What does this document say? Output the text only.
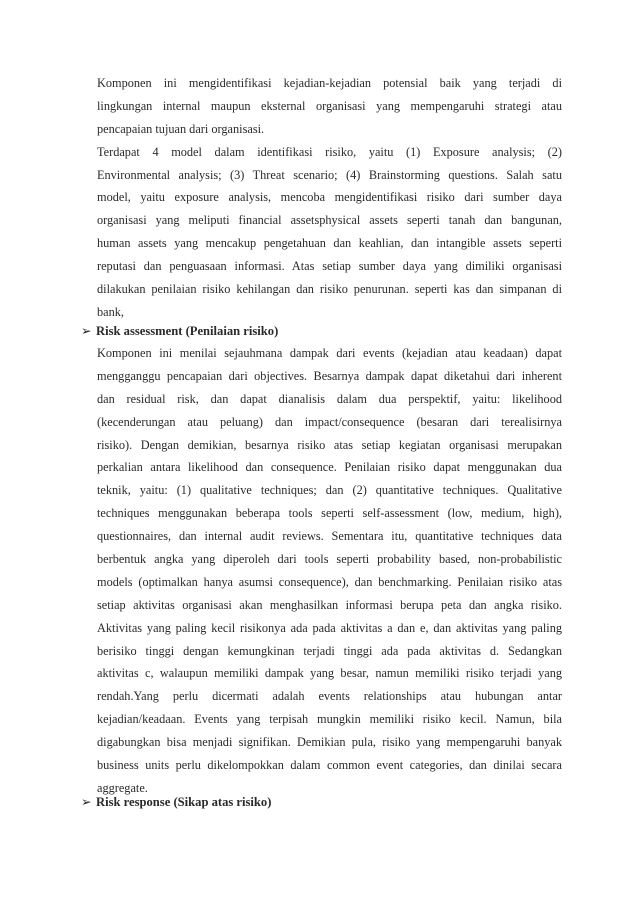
Komponen ini mengidentifikasi kejadian-kejadian potensial baik yang terjadi di
lingkungan internal maupun eksternal organisasi yang mempengaruhi strategi atau
pencapaian tujuan dari organisasi.
Terdapat 4 model dalam identifikasi risiko, yaitu (1) Exposure analysis; (2)
Environmental analysis; (3) Threat scenario; (4) Brainstorming questions. Salah satu
model, yaitu exposure analysis, mencoba mengidentifikasi risiko dari sumber daya
organisasi yang meliputi financial assetsphysical assets seperti tanah dan bangunan,
human assets yang mencakup pengetahuan dan keahlian, dan intangible assets seperti
reputasi dan penguasaan informasi. Atas setiap sumber daya yang dimiliki organisasi
dilakukan penilaian risiko kehilangan dan risiko penurunan. seperti kas dan simpanan di
bank,
➢ Risk assessment (Penilaian risiko)
Komponen ini menilai sejauhmana dampak dari events (kejadian atau keadaan) dapat
mengganggu pencapaian dari objectives. Besarnya dampak dapat diketahui dari inherent
dan residual risk, dan dapat dianalisis dalam dua perspektif, yaitu: likelihood
(kecenderungan atau peluang) dan impact/consequence (besaran dari terealisirnya
risiko). Dengan demikian, besarnya risiko atas setiap kegiatan organisasi merupakan
perkalian antara likelihood dan consequence. Penilaian risiko dapat menggunakan dua
teknik, yaitu: (1) qualitative techniques; dan (2) quantitative techniques. Qualitative
techniques menggunakan beberapa tools seperti self-assessment (low, medium, high),
questionnaires, dan internal audit reviews. Sementara itu, quantitative techniques data
berbentuk angka yang diperoleh dari tools seperti probability based, non-probabilistic
models (optimalkan hanya asumsi consequence), dan benchmarking. Penilaian risiko atas
setiap aktivitas organisasi akan menghasilkan informasi berupa peta dan angka risiko.
Aktivitas yang paling kecil risikonya ada pada aktivitas a dan e, dan aktivitas yang paling
berisiko tinggi dengan kemungkinan terjadi tinggi ada pada aktivitas d. Sedangkan
aktivitas c, walaupun memiliki dampak yang besar, namun memiliki risiko terjadi yang
rendah.Yang perlu dicermati adalah events relationships atau hubungan antar
kejadian/keadaan. Events yang terpisah mungkin memiliki risiko kecil. Namun, bila
digabungkan bisa menjadi signifikan. Demikian pula, risiko yang mempengaruhi banyak
business units perlu dikelompokkan dalam common event categories, dan dinilai secara
aggregate.
➢ Risk response (Sikap atas risiko)
